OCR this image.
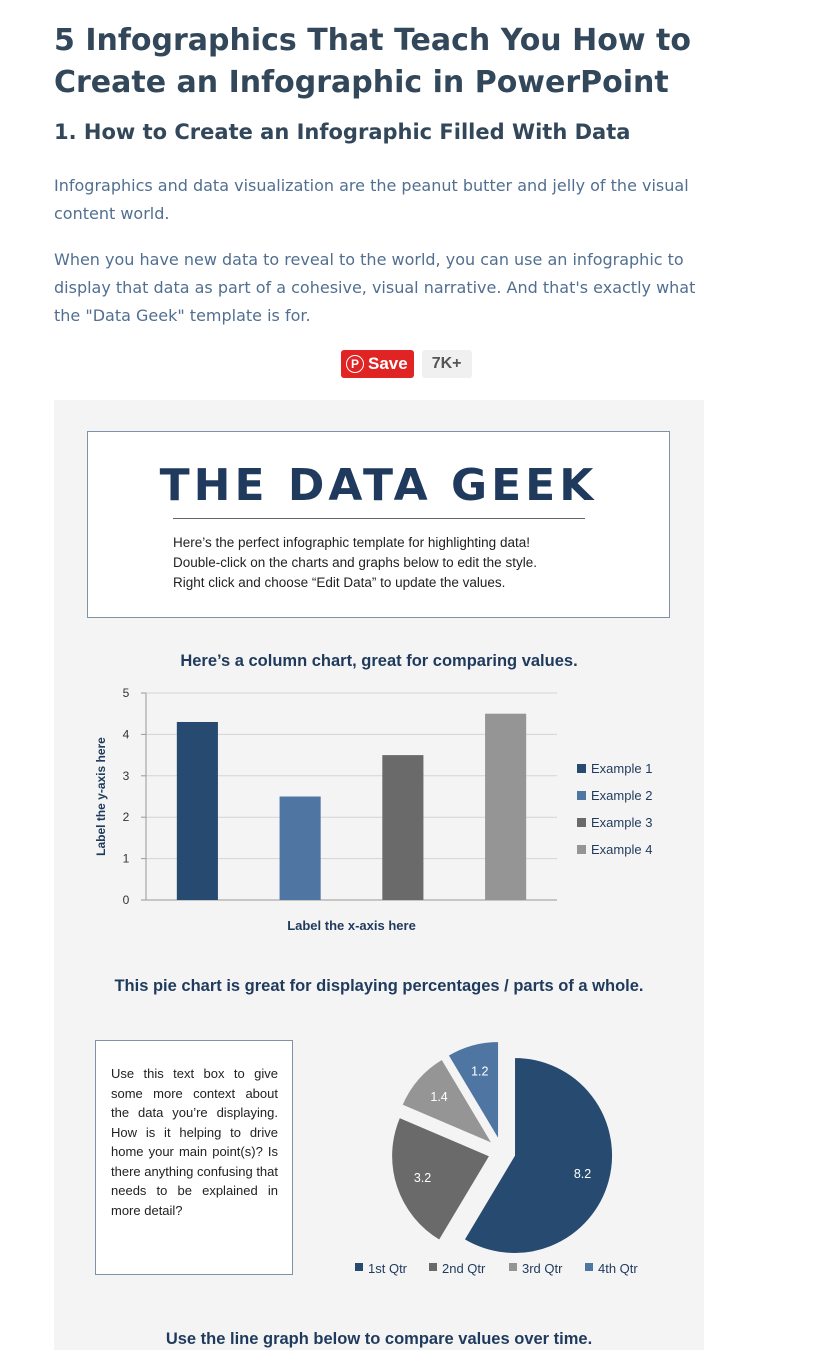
5 Infographics That Teach You How to Create an Infographic in PowerPoint
1. How to Create an Infographic Filled With Data

Infographics and data visualization are the peanut butter and jelly of the visual content world.

When you have new data to reveal to the world, you can use an infographic to display that data as part of a cohesive, visual narrative. And that's exactly what the "Data Geek" template is for.

P Save	7K+
THE DATA GEEK
Here’s the perfect infographic template for highlighting data!
Double-click on the charts and graphs below to edit the style.
Right click and choose “Edit Data” to update the values.
Here’s a column chart, great for comparing values.
0
1
2
3
4
5
Label the x-axis here
Label the y-axis here	Example 1
Example 2
Example 3
Example 4
This pie chart is great for displaying percentages / parts of a whole.
Use this text box to give some more context about the data you’re displaying. How is it helping to drive home your main point(s)? Is there anything confusing that needs to be explained in more detail?
8.2
3.2
1.4
1.2
1st Qtr	2nd Qtr	3rd Qtr	4th Qtr
Use the line graph below to compare values over time.
